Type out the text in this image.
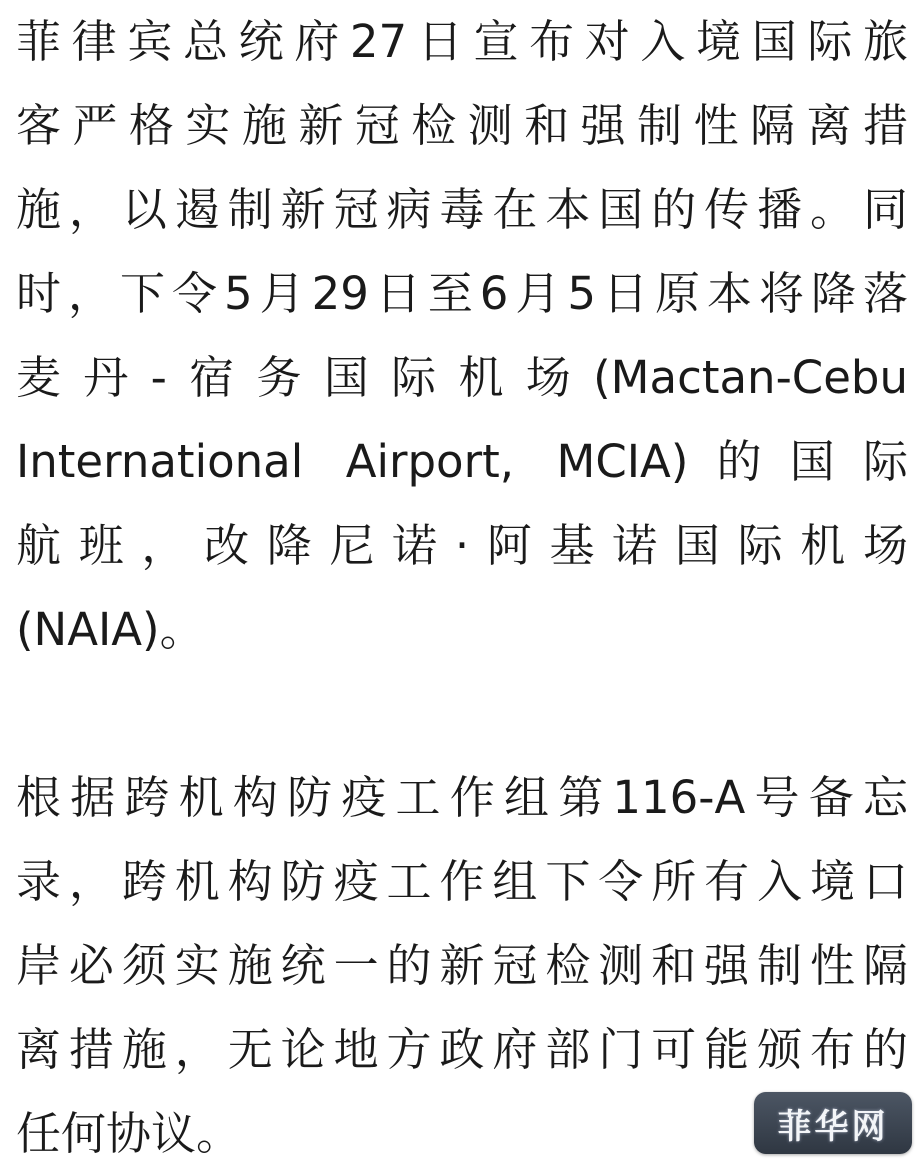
菲律宾总统府27日宣布对入境国际旅
客严格实施新冠检测和强制性隔离措
施，以遏制新冠病毒在本国的传播。同
时，下令5月29日至6月5日原本将降落
麦丹-宿务国际机场(Mactan-Cebu
International Airport, MCIA)的国际
航班，改降尼诺·阿基诺国际机场
(NAIA)。
根据跨机构防疫工作组第116-A号备忘
录，跨机构防疫工作组下令所有入境口
岸必须实施统一的新冠检测和强制性隔
离措施，无论地方政府部门可能颁布的
任何协议。	菲华网
